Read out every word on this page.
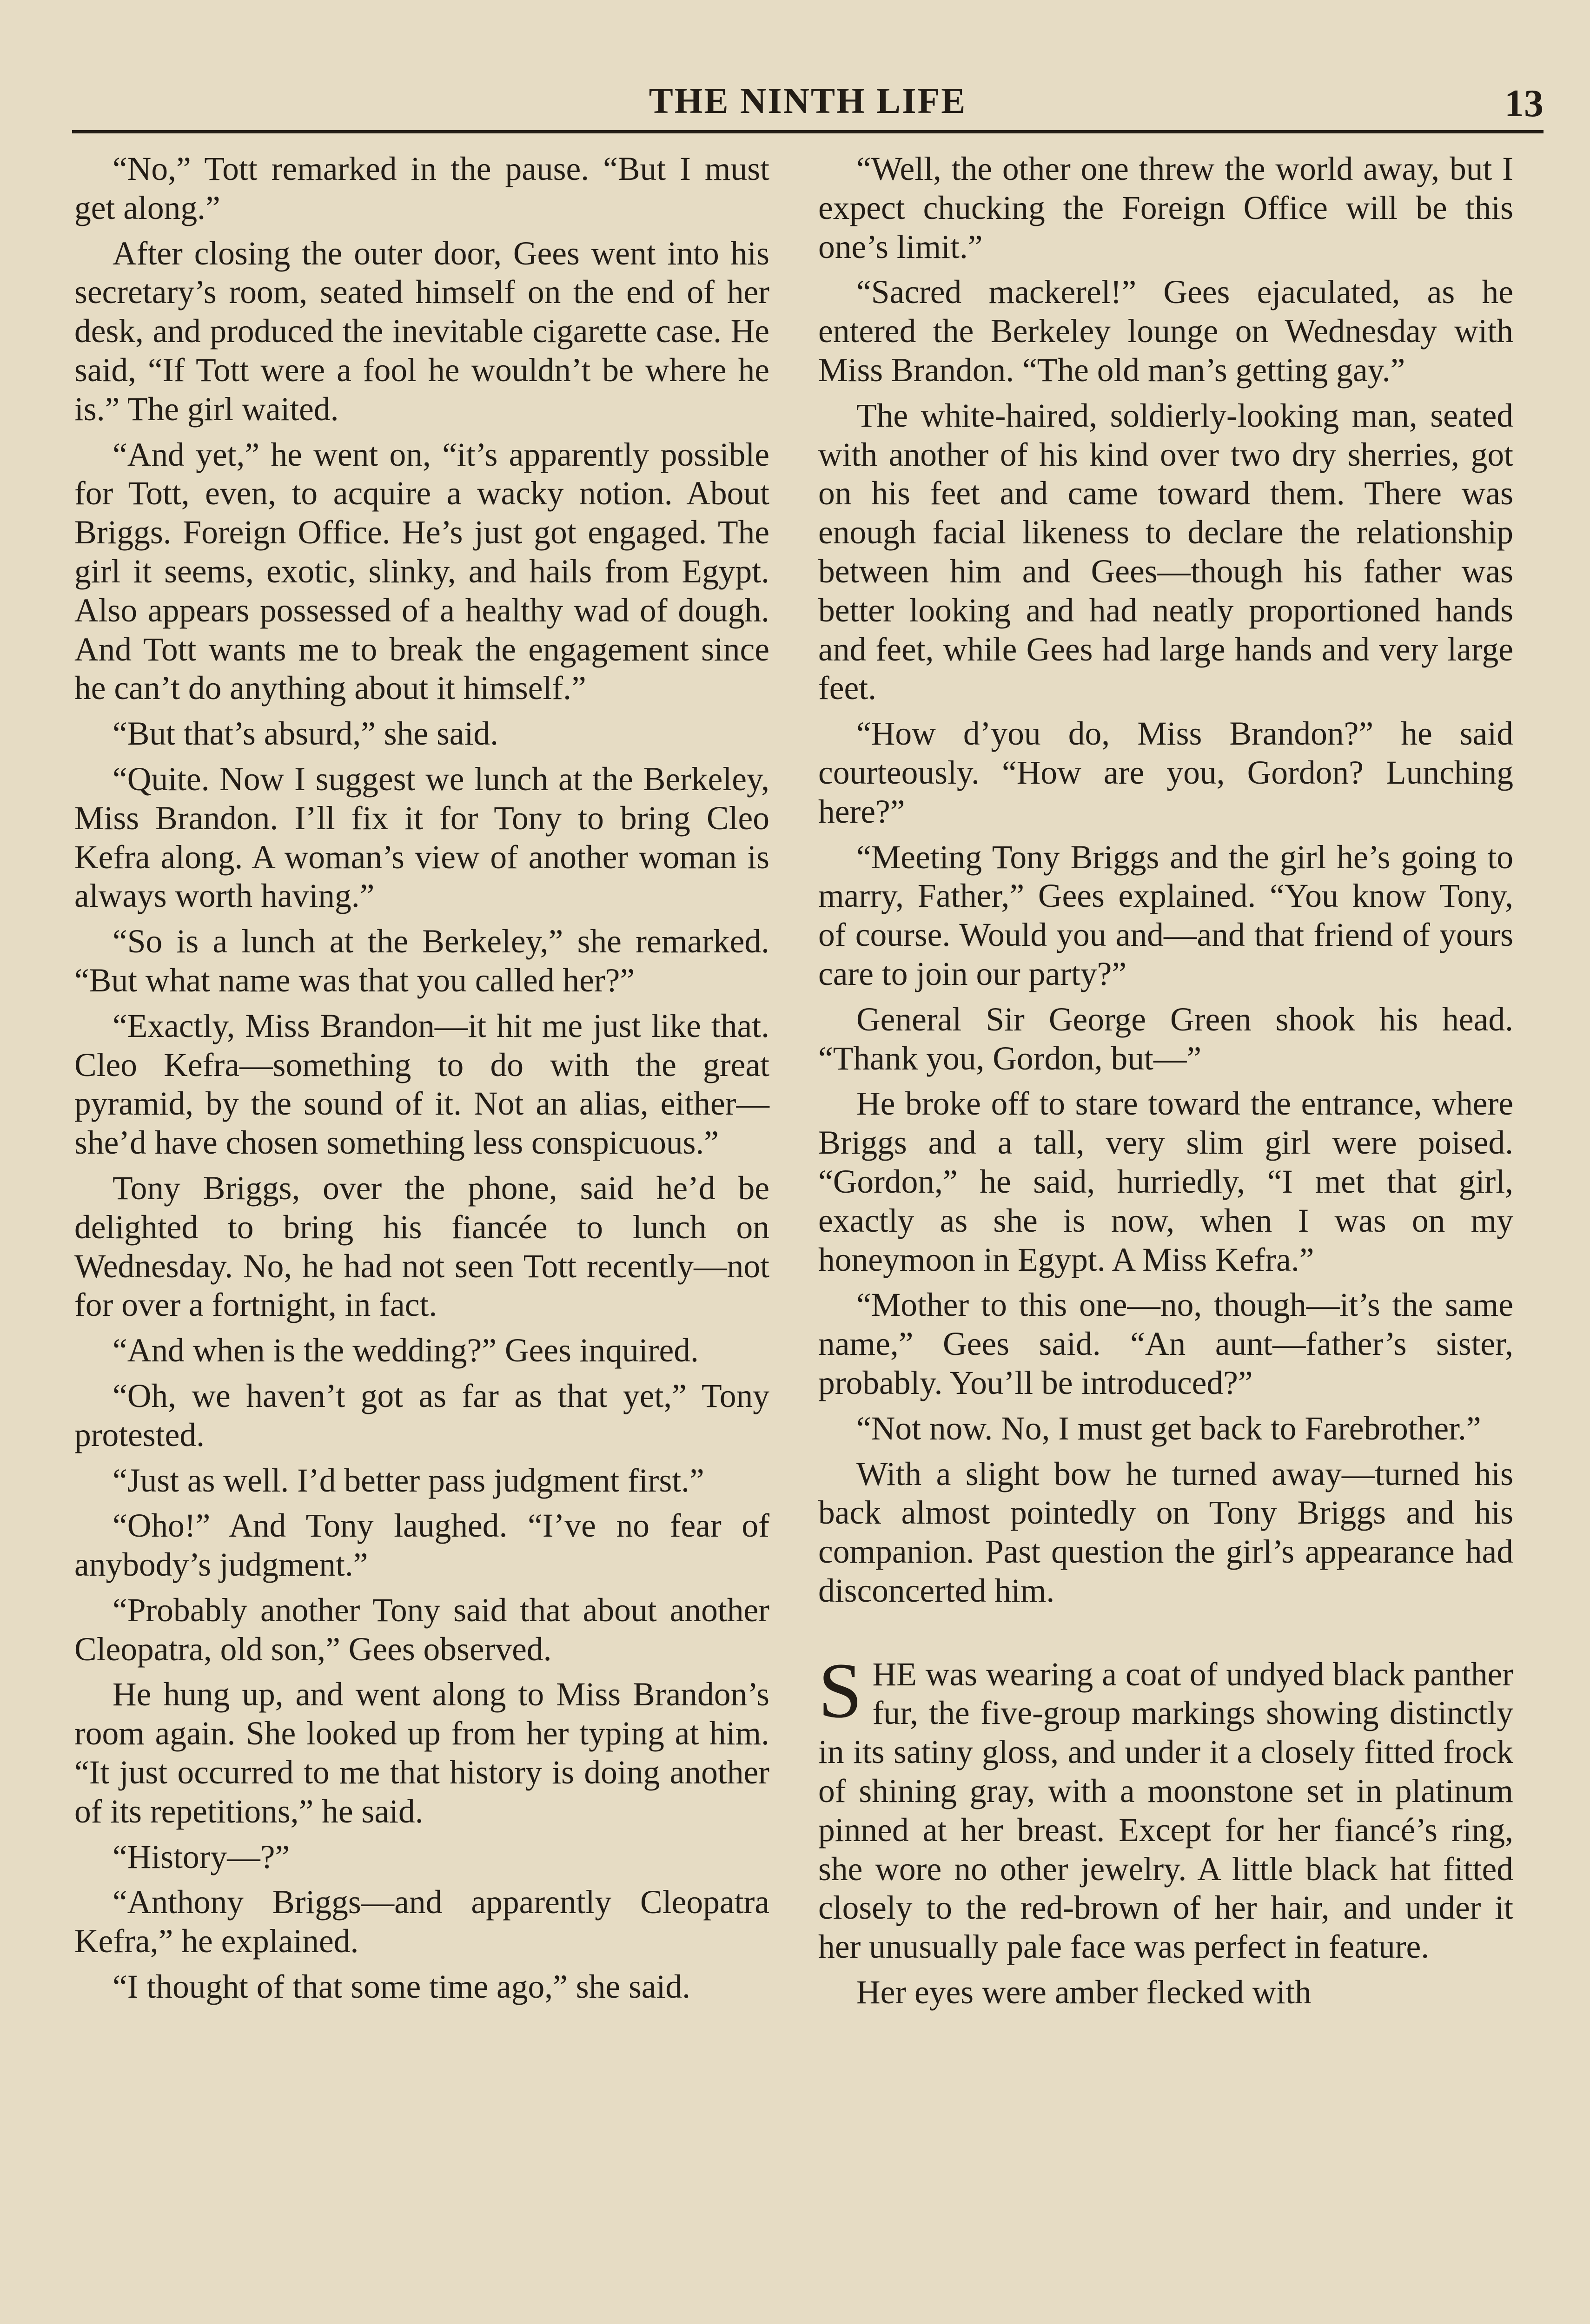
THE NINTH LIFE	13

“No,” Tott remarked in the pause. “But I must get along.”

After closing the outer door, Gees went into his secretary’s room, seated himself on the end of her desk, and produced the inevitable cigarette case. He said, “If Tott were a fool he wouldn’t be where he is.” The girl waited.

“And yet,” he went on, “it’s apparently possible for Tott, even, to acquire a wacky notion. About Briggs. Foreign Office. He’s just got engaged. The girl it seems, exotic, slinky, and hails from Egypt. Also appears possessed of a healthy wad of dough. And Tott wants me to break the engagement since he can’t do anything about it himself.”

“But that’s absurd,” she said.

“Quite. Now I suggest we lunch at the Berkeley, Miss Brandon. I’ll fix it for Tony to bring Cleo Kefra along. A woman’s view of another woman is always worth having.”

“So is a lunch at the Berkeley,” she remarked. “But what name was that you called her?”

“Exactly, Miss Brandon—it hit me just like that. Cleo Kefra—something to do with the great pyramid, by the sound of it. Not an alias, either—she’d have chosen something less conspicuous.”

Tony Briggs, over the phone, said he’d be delighted to bring his fiancée to lunch on Wednesday. No, he had not seen Tott recently—not for over a fortnight, in fact.

“And when is the wedding?” Gees inquired.

“Oh, we haven’t got as far as that yet,” Tony protested.

“Just as well. I’d better pass judgment first.”

“Oho!” And Tony laughed. “I’ve no fear of anybody’s judgment.”

“Probably another Tony said that about another Cleopatra, old son,” Gees observed.

He hung up, and went along to Miss Brandon’s room again. She looked up from her typing at him. “It just occurred to me that history is doing another of its repetitions,” he said.

“History—?”

“Anthony Briggs—and apparently Cleopatra Kefra,” he explained.

“I thought of that some time ago,” she said.

“Well, the other one threw the world away, but I expect chucking the Foreign Office will be this one’s limit.”

“Sacred mackerel!” Gees ejaculated, as he entered the Berkeley lounge on Wednesday with Miss Brandon. “The old man’s getting gay.”

The white-haired, soldierly-looking man, seated with another of his kind over two dry sherries, got on his feet and came toward them. There was enough facial likeness to declare the relationship between him and Gees—though his father was better looking and had neatly proportioned hands and feet, while Gees had large hands and very large feet.

“How d’you do, Miss Brandon?” he said courteously. “How are you, Gordon? Lunching here?”

“Meeting Tony Briggs and the girl he’s going to marry, Father,” Gees explained. “You know Tony, of course. Would you and—and that friend of yours care to join our party?”

General Sir George Green shook his head. “Thank you, Gordon, but—”

He broke off to stare toward the entrance, where Briggs and a tall, very slim girl were poised. “Gordon,” he said, hurriedly, “I met that girl, exactly as she is now, when I was on my honeymoon in Egypt. A Miss Kefra.”

“Mother to this one—no, though—it’s the same name,” Gees said. “An aunt—father’s sister, probably. You’ll be introduced?”

“Not now. No, I must get back to Farebrother.”

With a slight bow he turned away—turned his back almost pointedly on Tony Briggs and his companion. Past question the girl’s appearance had disconcerted him.

SHE was wearing a coat of undyed black panther fur, the five-group markings showing distinctly in its satiny gloss, and under it a closely fitted frock of shining gray, with a moonstone set in platinum pinned at her breast. Except for her fiancé’s ring, she wore no other jewelry. A little black hat fitted closely to the red-brown of her hair, and under it her unusually pale face was perfect in feature.

Her eyes were amber flecked with
